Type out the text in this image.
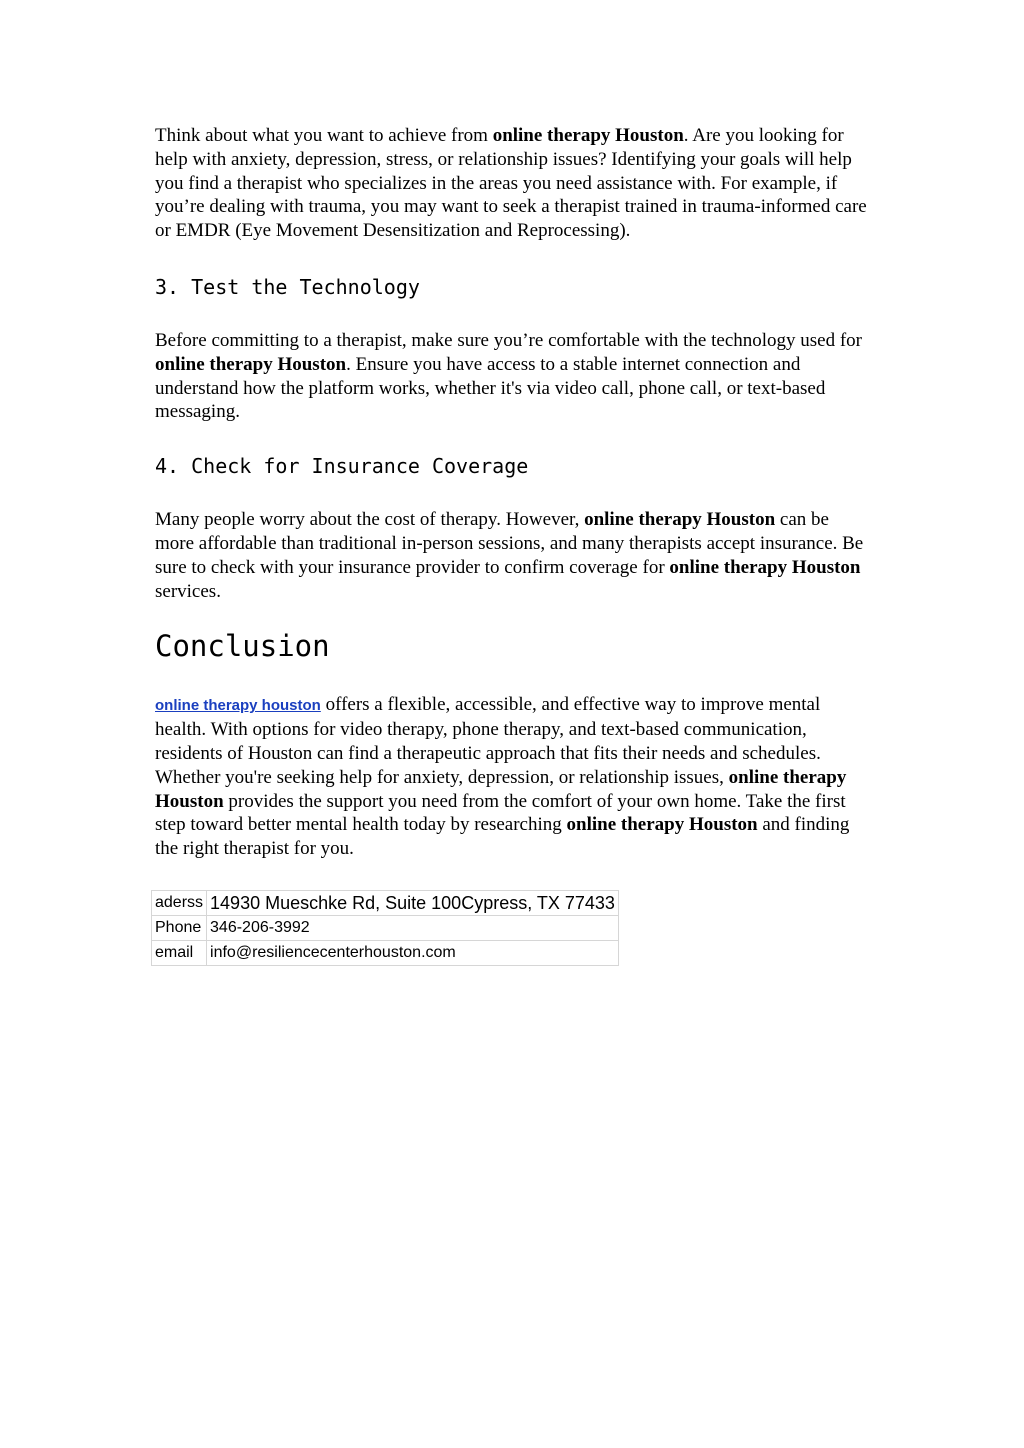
Think about what you want to achieve from online therapy Houston. Are you looking for help with anxiety, depression, stress, or relationship issues? Identifying your goals will help you find a therapist who specializes in the areas you need assistance with. For example, if you’re dealing with trauma, you may want to seek a therapist trained in trauma-informed care or EMDR (Eye Movement Desensitization and Reprocessing).

3. Test the Technology

Before committing to a therapist, make sure you’re comfortable with the technology used for online therapy Houston. Ensure you have access to a stable internet connection and understand how the platform works, whether it's via video call, phone call, or text-based messaging.

4. Check for Insurance Coverage

Many people worry about the cost of therapy. However, online therapy Houston can be more affordable than traditional in-person sessions, and many therapists accept insurance. Be sure to check with your insurance provider to confirm coverage for online therapy Houston services.

Conclusion

online therapy houston offers a flexible, accessible, and effective way to improve mental health. With options for video therapy, phone therapy, and text-based communication, residents of Houston can find a therapeutic approach that fits their needs and schedules. Whether you're seeking help for anxiety, depression, or relationship issues, online therapy Houston provides the support you need from the comfort of your own home. Take the first step toward better mental health today by researching online therapy Houston and finding the right therapist for you.

aderss	14930 Mueschke Rd, Suite 100Cypress, TX 77433
Phone	346-206-3992
email	info@resiliencecenterhouston.com
